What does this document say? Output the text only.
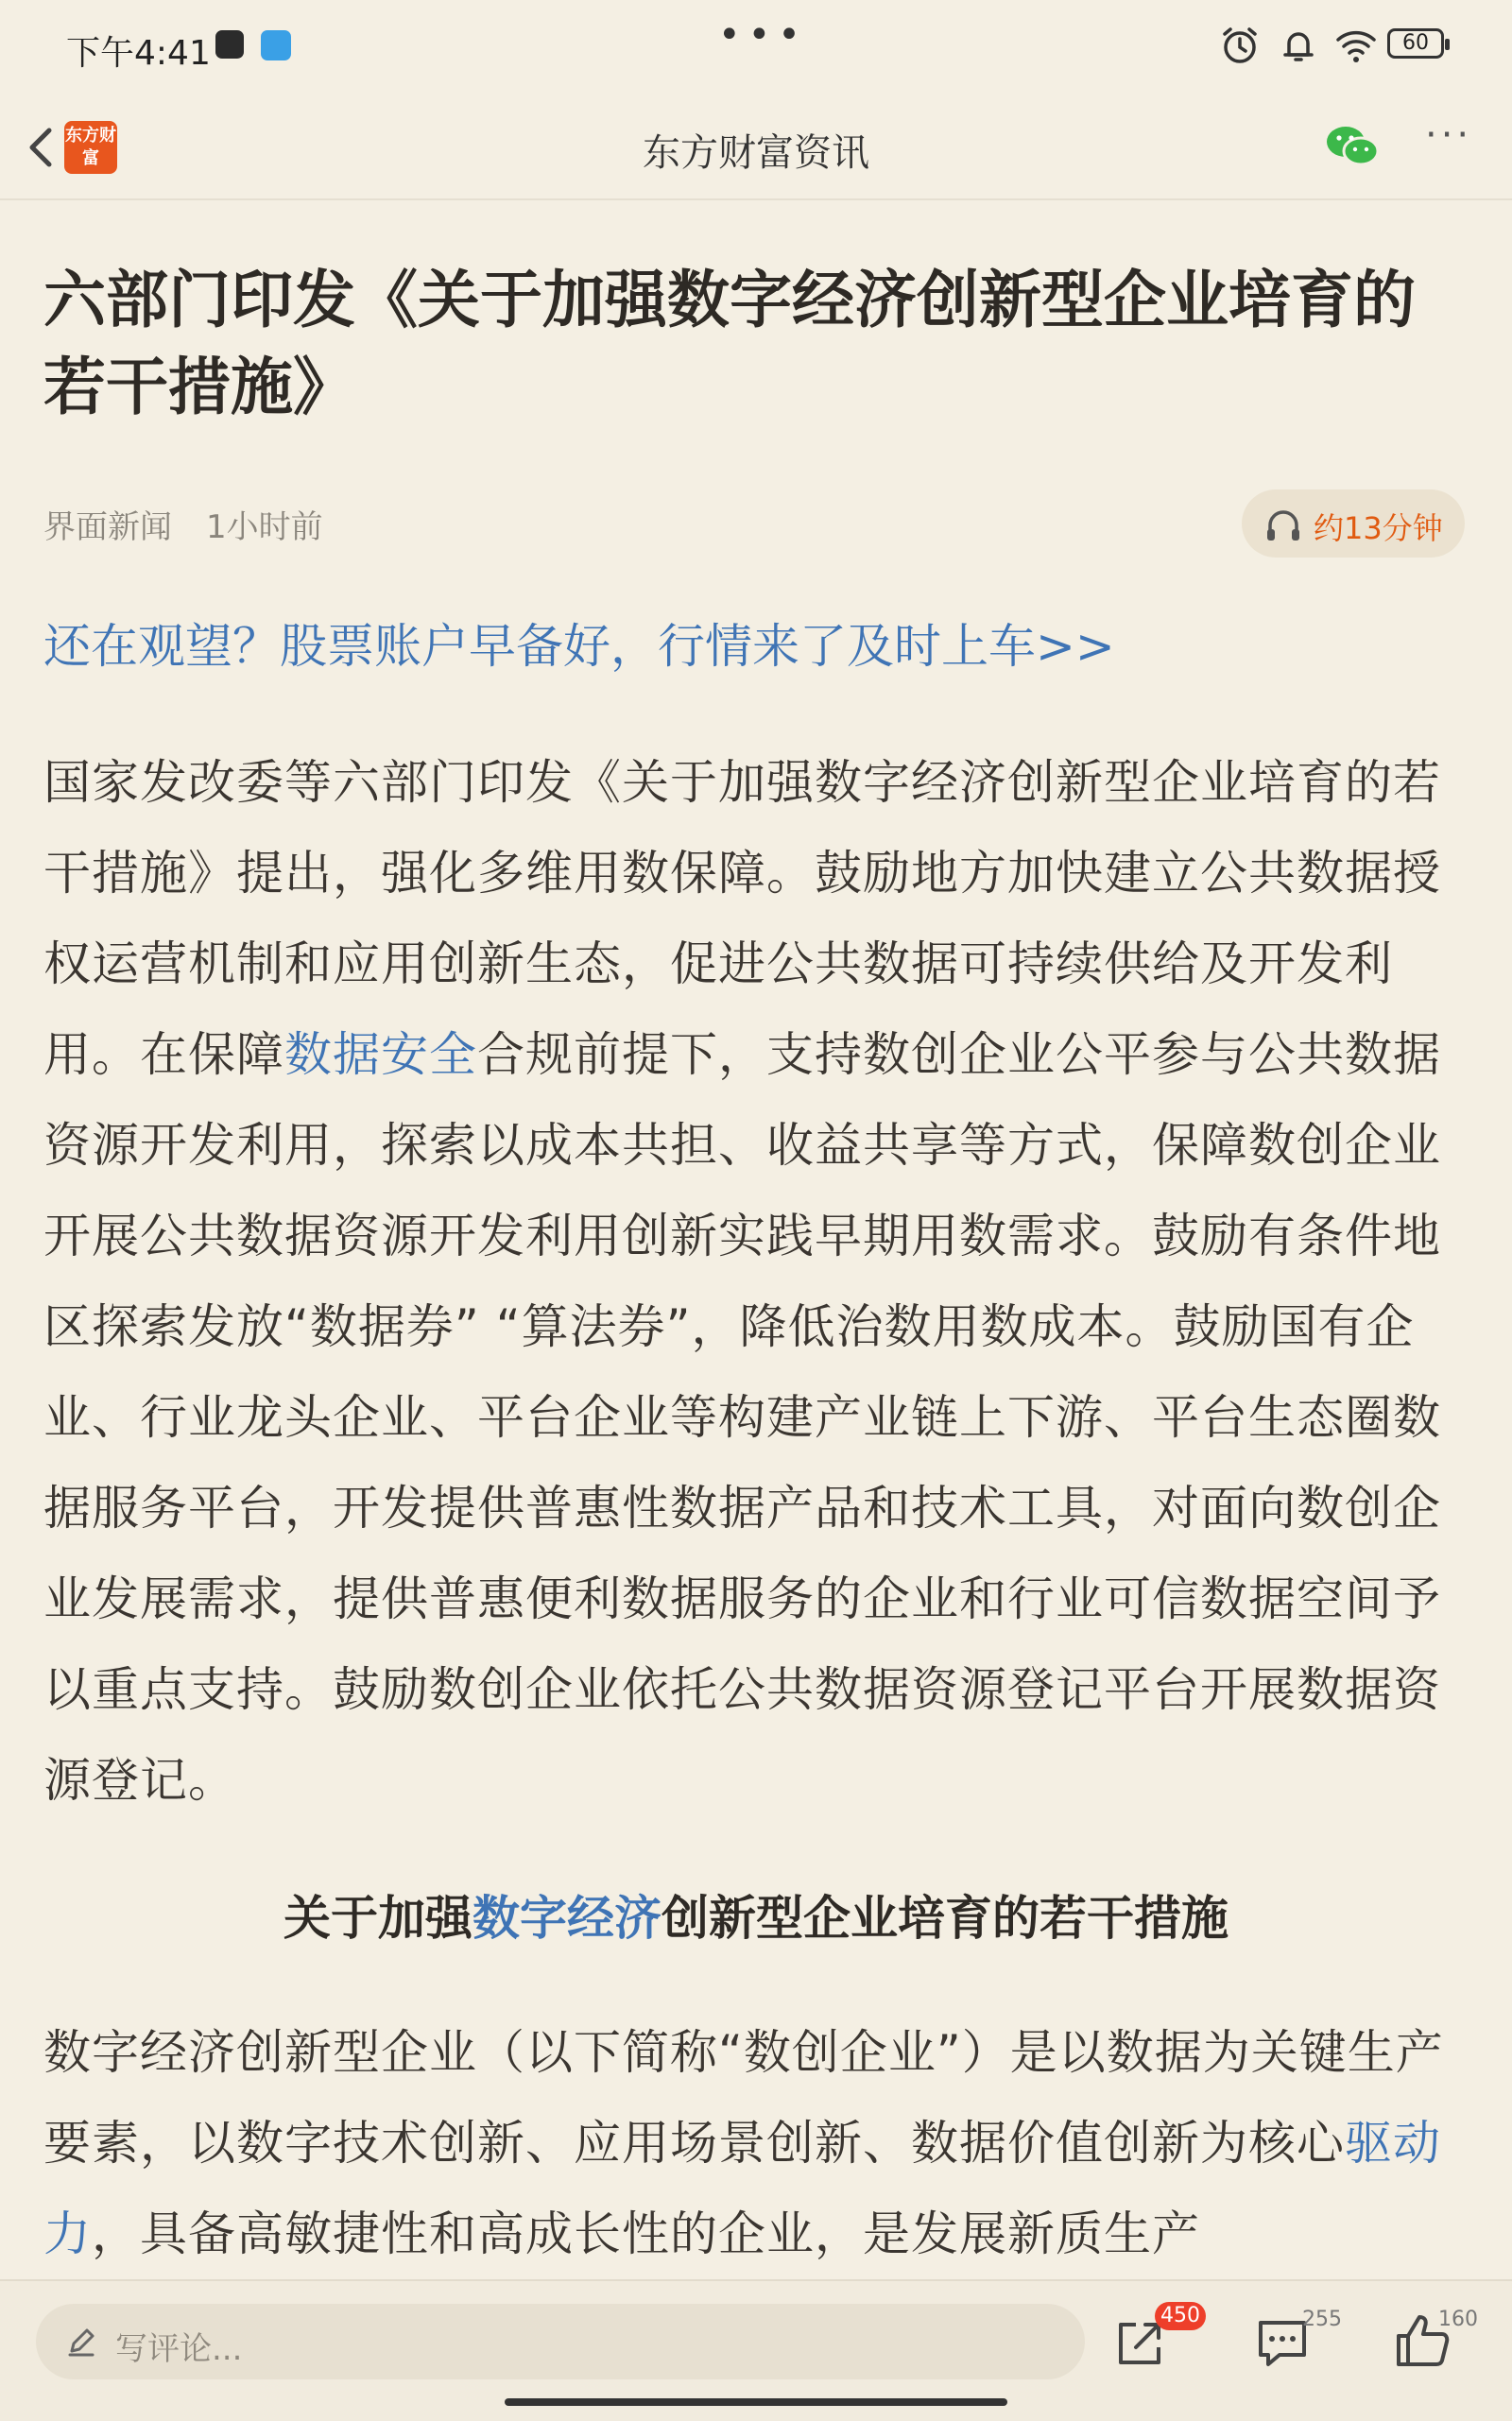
下午4:41	•••	60
东方财富	东方财富资讯	···
六部门印发《关于加强数字经济创新型企业培育的若干措施》
界面新闻 1小时前	约13分钟
还在观望？股票账户早备好，行情来了及时上车>>

国家发改委等六部门印发《关于加强数字经济创新型企业培育的若干措施》提出，强化多维用数保障。鼓励地方加快建立公共数据授权运营机制和应用创新生态，促进公共数据可持续供给及开发利用。在保障数据安全合规前提下，支持数创企业公平参与公共数据资源开发利用，探索以成本共担、收益共享等方式，保障数创企业开展公共数据资源开发利用创新实践早期用数需求。鼓励有条件地区探索发放“数据券” “算法券”，降低治数用数成本。鼓励国有企业、行业龙头企业、平台企业等构建产业链上下游、平台生态圈数据服务平台，开发提供普惠性数据产品和技术工具，对面向数创企业发展需求，提供普惠便利数据服务的企业和行业可信数据空间予以重点支持。鼓励数创企业依托公共数据资源登记平台开展数据资源登记。

关于加强数字经济创新型企业培育的若干措施

数字经济创新型企业（以下简称“数创企业”）是以数据为关键生产要素，以数字技术创新、应用场景创新、数据价值创新为核心驱动力，具备高敏捷性和高成长性的企业，是发展新质生产

写评论...
450	255	160
